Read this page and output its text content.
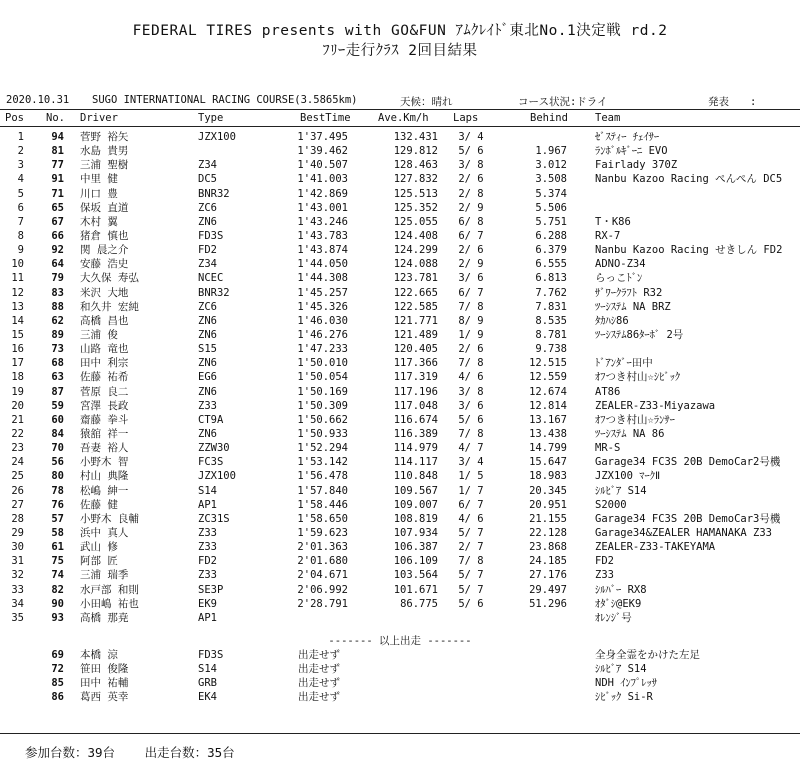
FEDERAL TIRES presents with GO&FUN ｱﾑｸﾚｲﾄﾞ東北No.1決定戦 rd.2
ﾌﾘｰ走行ｸﾗｽ 2回目結果
2020.10.31 SUGO INTERNATIONAL RACING COURSE(3.5865km)	天候：晴れ	コース状況:ドライ	発表　　:
Pos No. Driver	Type	BestTime	Ave.Km/h Laps	Behind	Team
1	94 菅野 裕矢	JZX100	1'37.495	132.431	3/ 4	ｾﾞｽﾃｨｰ ﾁｪｲｻｰ
2	81 水島 貴男	1'39.462	129.812	5/ 6	1.967	ﾗﾝﾎﾞﾙｷﾞｰﾆ EVO
3	77 三浦 聖樹	Z34	1'40.507	128.463	3/ 8	3.012	Fairlady 370Z
4	91 中里 健	DC5	1'41.003	127.832	2/ 6	3.508	Nanbu Kazoo Racing ぺんぺん DC5
5	71 川口 豊	BNR32	1'42.869	125.513	2/ 8	5.374
6	65 保坂 直道	ZC6	1'43.001	125.352	2/ 9	5.506
7	67 木村 翼	ZN6	1'43.246	125.055	6/ 8	5.751	T・K86
8	66 猪倉 慎也	FD3S	1'43.783	124.408	6/ 7	6.288	RX-7
9	92 関 晨之介	FD2	1'43.874	124.299	2/ 6	6.379	Nanbu Kazoo Racing せきしん FD2
10	64 安藤 浩史	Z34	1'44.050	124.088	2/ 9	6.555	ADNO-Z34
11	79 大久保 寿弘	NCEC	1'44.308	123.781	3/ 6	6.813	らっこﾄﾞﾝ
12	83 米沢 大地	BNR32	1'45.257	122.665	6/ 7	7.762	ｻﾞﾜｰｸﾗﾌﾄ R32
13	88 和久井 宏純	ZC6	1'45.326	122.585	7/ 8	7.831	ﾂｰｼｽﾃﾑ NA BRZ
14	62 高橋 昌也	ZN6	1'46.030	121.771	8/ 9	8.535	ﾀｶﾊｼ86
15	89 三浦 俊	ZN6	1'46.276	121.489	1/ 9	8.781	ﾂｰｼｽﾃﾑ86ﾀｰﾎﾞ 2号
16	73 山路 竜也	S15	1'47.233	120.405	2/ 6	9.738
17	68 田中 利宗	ZN6	1'50.010	117.366	7/ 8	12.515	ﾄﾞｱﾝﾀﾞｰ田中
18	63 佐藤 祐希	EG6	1'50.054	117.319	4/ 6	12.559	ｵﾌつき村山☆ｼﾋﾞｯｸ
19	87 菅原 良二	ZN6	1'50.169	117.196	3/ 8	12.674	AT86
20	59 宮澤 長政	Z33	1'50.309	117.048	3/ 6	12.814	ZEALER-Z33-Miyazawa
21	60 齋藤 拳斗	CT9A	1'50.662	116.674	5/ 6	13.167	ｵﾌつき村山☆ﾗﾝｻｰ
22	84 猿舘 祥一	ZN6	1'50.933	116.389	7/ 8	13.438	ﾂｰｼｽﾃﾑ NA 86
23	70 吾妻 裕人	ZZW30	1'52.294	114.979	4/ 7	14.799	MR-S
24	56 小野木 智	FC3S	1'53.142	114.117	3/ 4	15.647	Garage34 FC3S 20B DemoCar2号機
25	80 村山 典隆	JZX100	1'56.478	110.848	1/ 5	18.983	JZX100 ﾏｰｸⅡ
26	78 松嶋 紳一	S14	1'57.840	109.567	1/ 7	20.345	ｼﾙﾋﾞｱ S14
27	76 佐藤 健	AP1	1'58.446	109.007	6/ 7	20.951	S2000
28	57 小野木 良輔	ZC31S	1'58.650	108.819	4/ 6	21.155	Garage34 FC3S 20B DemoCar3号機
29	58 浜中 真人	Z33	1'59.623	107.934	5/ 7	22.128	Garage34&ZEALER HAMANAKA Z33
30	61 武山 修	Z33	2'01.363	106.387	2/ 7	23.868	ZEALER-Z33-TAKEYAMA
31	75 阿部 匠	FD2	2'01.680	106.109	7/ 8	24.185	FD2
32	74 三浦 瑞季	Z33	2'04.671	103.564	5/ 7	27.176	Z33
33	82 水戸部 和則	SE3P	2'06.992	101.671	5/ 7	29.497	ｼﾙﾊﾞｰ RX8
34	90 小田嶋 祐也	EK9	2'28.791	86.775	5/ 6	51.296	ｵﾀﾞｼ@EK9
35	93 高橋 那尭	AP1	ｵﾚﾝｼﾞ号
------- 以上出走 -------
69 本橋 涼	FD3S	出走せず	全身全霊をかけた左足
72 笹田 俊隆	S14	出走せず	ｼﾙﾋﾞｱ S14
85 田中 祐輔	GRB	出走せず	NDH ｲﾝﾌﾟﾚｯｻ
86 葛西 英幸	EK4	出走せず	ｼﾋﾞｯｸ Si-R
参加台数：39台 出走台数：35台
